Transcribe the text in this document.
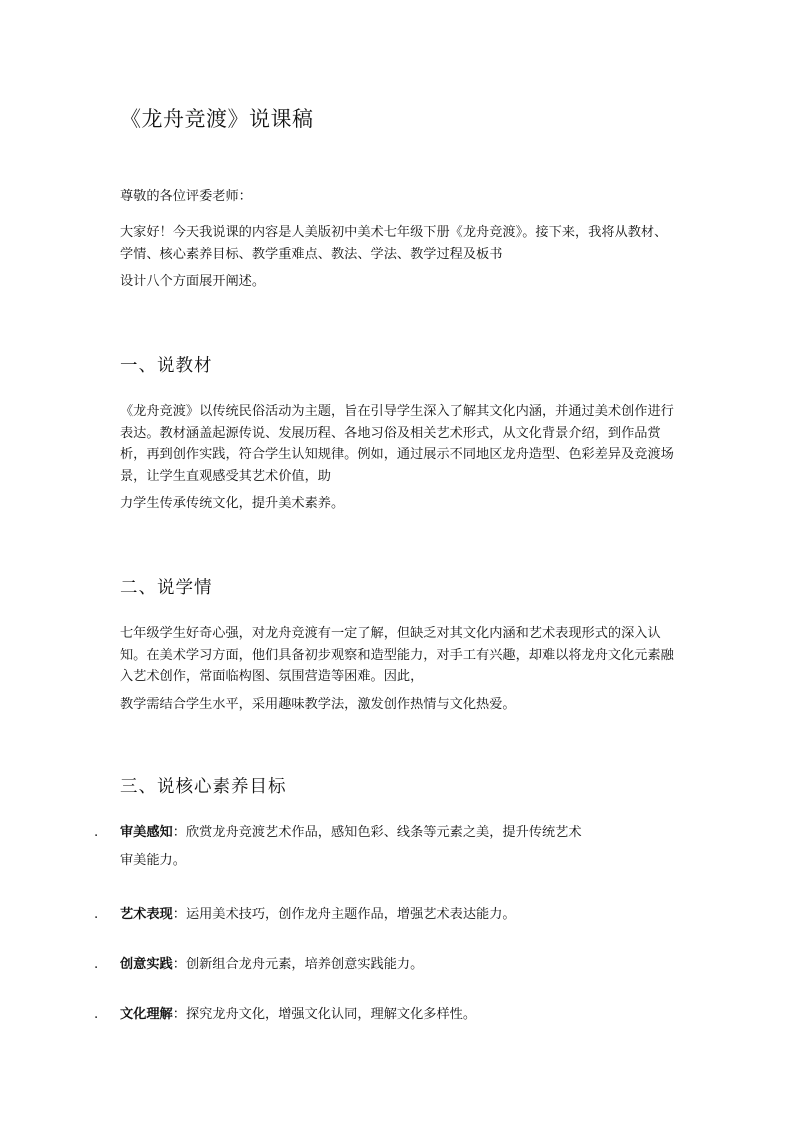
《龙舟竞渡》说课稿

尊敬的各位评委老师：

大家好！今天我说课的内容是人美版初中美术七年级下册《龙舟竞渡》。接下来，我将从教材、学情、核心素养目标、教学重难点、教法、学法、教学过程及板书
设计八个方面展开阐述。

一、说教材

《龙舟竞渡》以传统民俗活动为主题，旨在引导学生深入了解其文化内涵，并通过美术创作进行表达。教材涵盖起源传说、发展历程、各地习俗及相关艺术形式，从文化背景介绍，到作品赏析，再到创作实践，符合学生认知规律。例如，通过展示不同地区龙舟造型、色彩差异及竞渡场景，让学生直观感受其艺术价值，助
力学生传承传统文化，提升美术素养。

二、说学情

七年级学生好奇心强，对龙舟竞渡有一定了解，但缺乏对其文化内涵和艺术表现形式的深入认知。在美术学习方面，他们具备初步观察和造型能力，对手工有兴趣，却难以将龙舟文化元素融入艺术创作，常面临构图、氛围营造等困难。因此，
教学需结合学生水平，采用趣味教学法，激发创作热情与文化热爱。

三、说核心素养目标
. 审美感知：欣赏龙舟竞渡艺术作品，感知色彩、线条等元素之美，提升传统艺术
审美能力。
. 艺术表现：运用美术技巧，创作龙舟主题作品，增强艺术表达能力。
. 创意实践：创新组合龙舟元素，培养创意实践能力。
. 文化理解：探究龙舟文化，增强文化认同，理解文化多样性。
